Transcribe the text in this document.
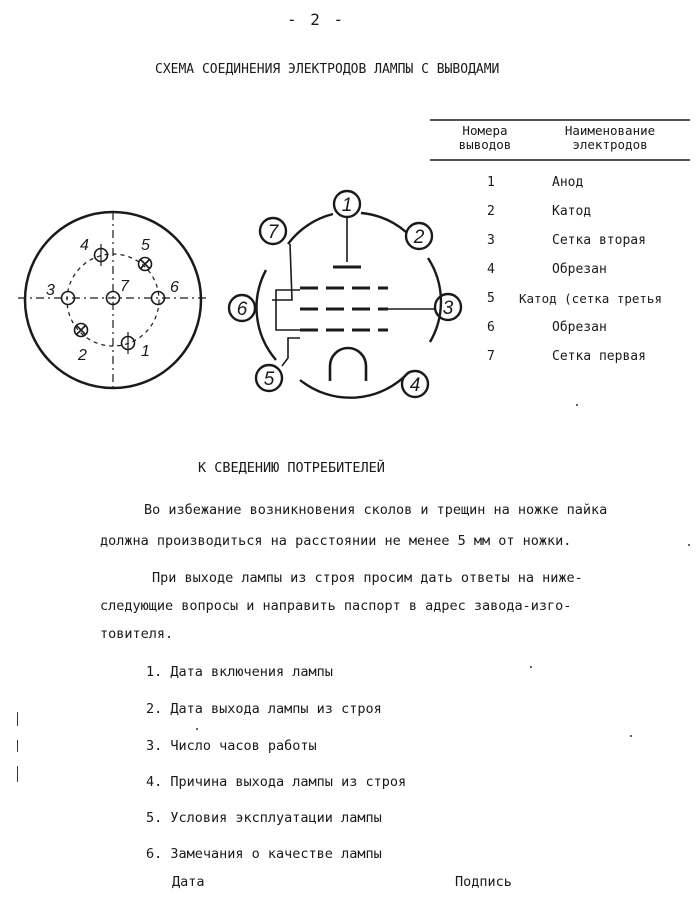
- 2 -
СХЕМА СОЕДИНЕНИЯ ЭЛЕКТРОДОВ ЛАМПЫ С ВЫВОДАМИ
4	5
3	7	6
2	1
1
2
3
4
5
6
7
Номера
выводов
Наименование
электродов
1	Анод
2	Катод
3	Сетка вторая
4	Обрезан
5 Катод (сетка третья
6	Обрезан
7	Сетка первая
К СВЕДЕНИЮ ПОТРЕБИТЕЛЕЙ
Во избежание возникновения сколов и трещин на ножке пайка
должна производиться на расстоянии не менее 5 мм от ножки.
При выходе лампы из строя просим дать ответы на ниже-
следующие вопросы и направить паспорт в адрес завода-изго-
товителя.
1. Дата включения лампы
2. Дата выхода лампы из строя
3. Число часов работы
4. Причина выхода лампы из строя
5. Условия эксплуатации лампы
6. Замечания о качестве лампы
Дата	Подпись
